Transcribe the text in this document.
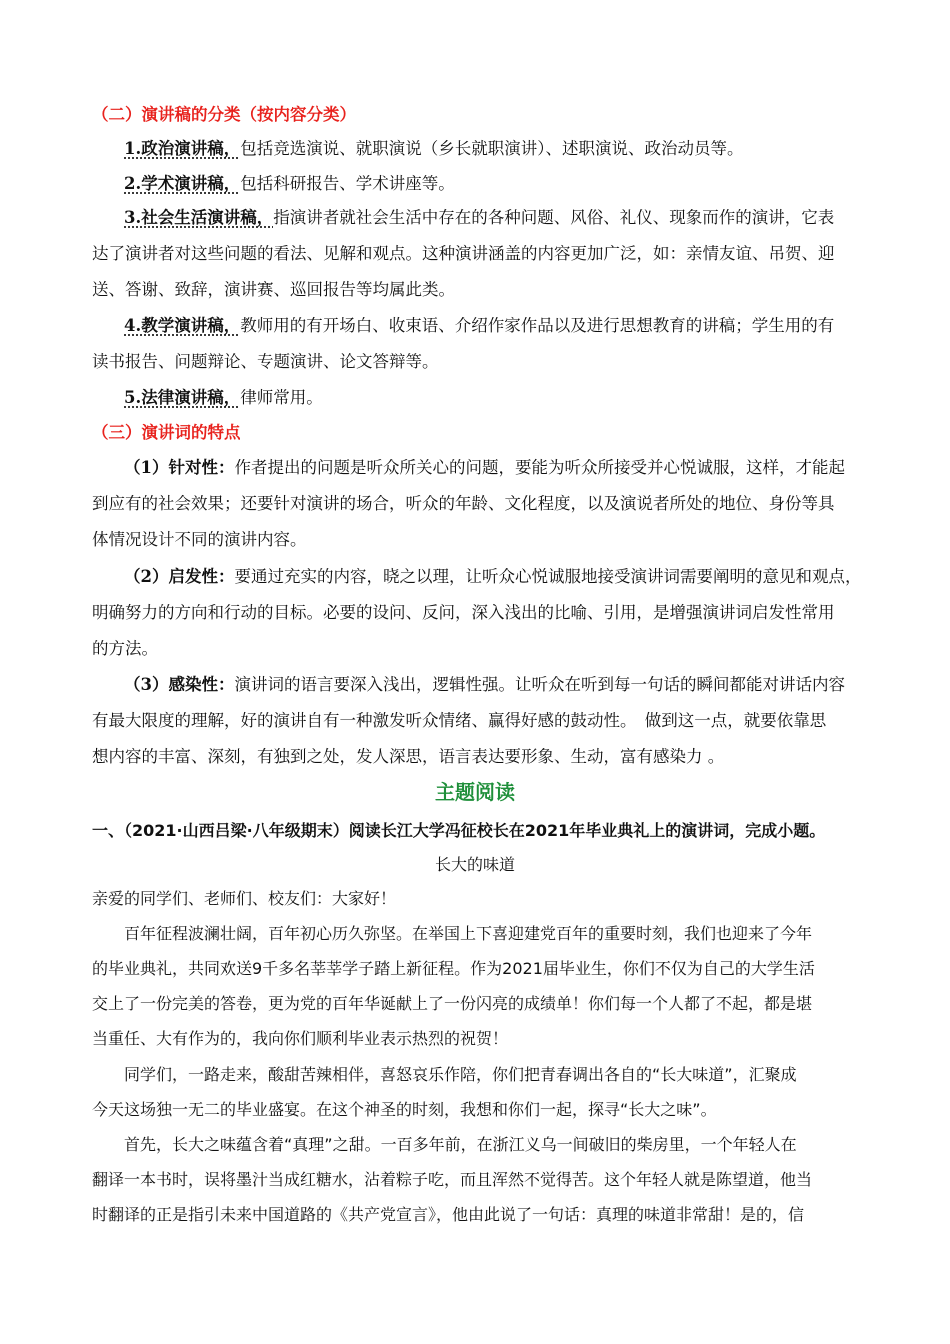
（二）演讲稿的分类（按内容分类）
1.政治演讲稿，包括竞选演说、就职演说（乡长就职演讲）、述职演说、政治动员等。
2.学术演讲稿，包括科研报告、学术讲座等。
3.社会生活演讲稿，指演讲者就社会生活中存在的各种问题、风俗、礼仪、现象而作的演讲，它表
达了演讲者对这些问题的看法、见解和观点。这种演讲涵盖的内容更加广泛，如：亲情友谊、吊贺、迎
送、答谢、致辞，演讲赛、巡回报告等均属此类。
4.教学演讲稿，教师用的有开场白、收束语、介绍作家作品以及进行思想教育的讲稿；学生用的有
读书报告、问题辩论、专题演讲、论文答辩等。
5.法律演讲稿，律师常用。
（三）演讲词的特点
（1）针对性：作者提出的问题是听众所关心的问题，要能为听众所接受并心悦诚服，这样，才能起
到应有的社会效果；还要针对演讲的场合，听众的年龄、文化程度，以及演说者所处的地位、身份等具
体情况设计不同的演讲内容。
（2）启发性：要通过充实的内容，晓之以理，让听众心悦诚服地接受演讲词需要阐明的意见和观点，
明确努力的方向和行动的目标。必要的设问、反问，深入浅出的比喻、引用，是增强演讲词启发性常用
的方法。
（3）感染性：演讲词的语言要深入浅出，逻辑性强。让听众在听到每一句话的瞬间都能对讲话内容
有最大限度的理解，好的演讲自有一种激发听众情绪、赢得好感的鼓动性。　做到这一点，就要依靠思
想内容的丰富、深刻，有独到之处，发人深思，语言表达要形象、生动，富有感染力 。
主题阅读
一、（2021·山西吕梁·八年级期末）阅读长江大学冯征校长在2021年毕业典礼上的演讲词，完成小题。
长大的味道
亲爱的同学们、老师们、校友们：大家好！
百年征程波澜壮阔，百年初心历久弥坚。在举国上下喜迎建党百年的重要时刻，我们也迎来了今年
的毕业典礼，共同欢送9千多名莘莘学子踏上新征程。作为2021届毕业生，你们不仅为自己的大学生活
交上了一份完美的答卷，更为党的百年华诞献上了一份闪亮的成绩单！你们每一个人都了不起，都是堪
当重任、大有作为的，我向你们顺利毕业表示热烈的祝贺！
同学们，一路走来，酸甜苦辣相伴，喜怒哀乐作陪，你们把青春调出各自的“长大味道”，汇聚成
今天这场独一无二的毕业盛宴。在这个神圣的时刻，我想和你们一起，探寻“长大之味”。
首先，长大之味蕴含着“真理”之甜。一百多年前，在浙江义乌一间破旧的柴房里，一个年轻人在
翻译一本书时，误将墨汁当成红糖水，沾着粽子吃，而且浑然不觉得苦。这个年轻人就是陈望道，他当
时翻译的正是指引未来中国道路的《共产党宣言》，他由此说了一句话：真理的味道非常甜！是的，信
